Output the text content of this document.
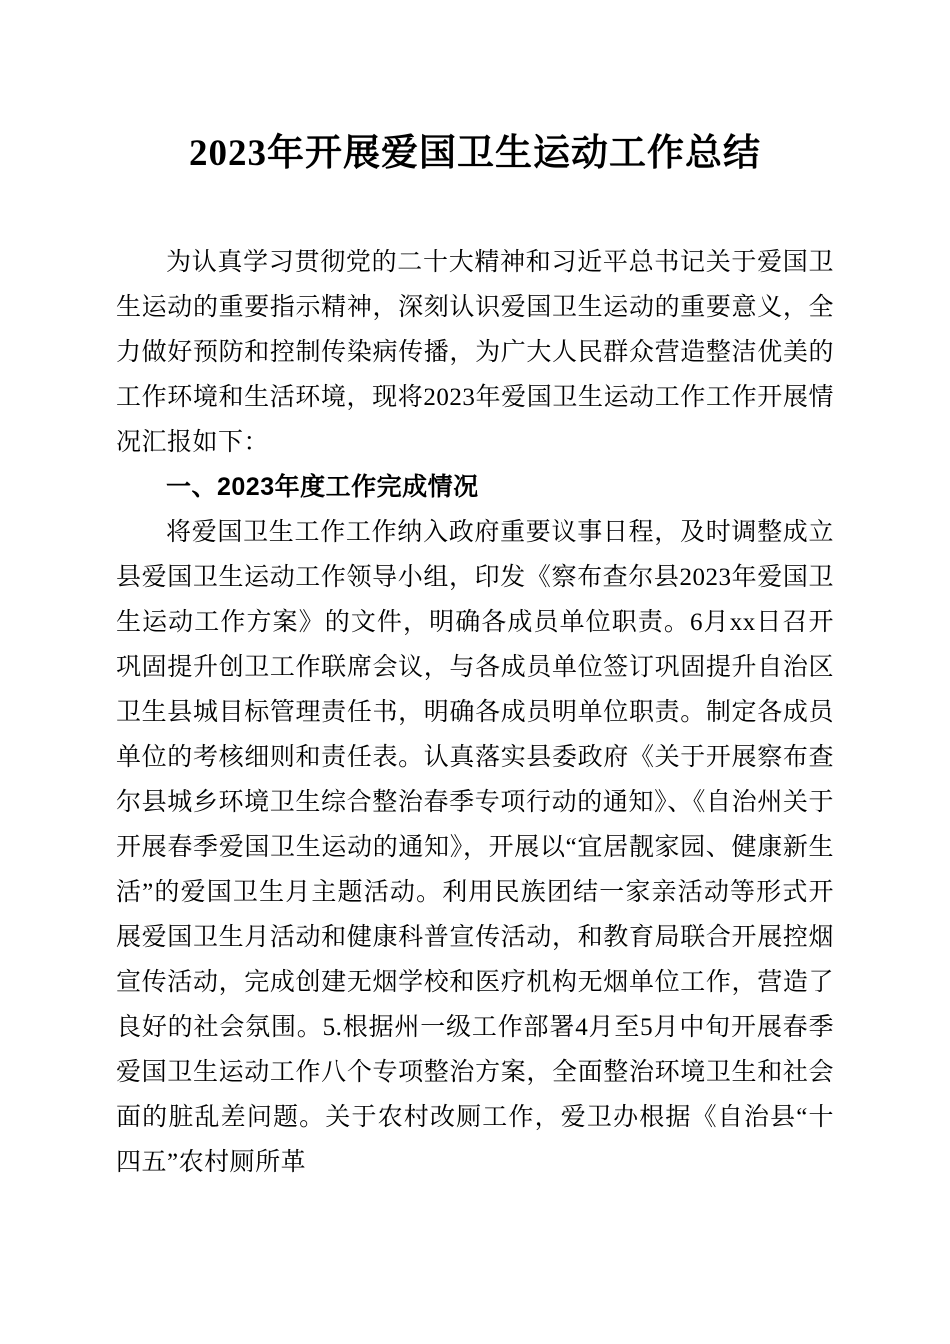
2023年开展爱国卫生运动工作总结

为认真学习贯彻党的二十大精神和习近平总书记关于爱国卫生运动的重要指示精神，深刻认识爱国卫生运动的重要意义，全力做好预防和控制传染病传播，为广大人民群众营造整洁优美的工作环境和生活环境，现将2023年爱国卫生运动工作工作开展情况汇报如下：

一、2023年度工作完成情况

将爱国卫生工作工作纳入政府重要议事日程，及时调整成立县爱国卫生运动工作领导小组，印发《察布查尔县2023年爱国卫生运动工作方案》的文件，明确各成员单位职责。6月xx日召开巩固提升创卫工作联席会议，与各成员单位签订巩固提升自治区卫生县城目标管理责任书，明确各成员明单位职责。制定各成员单位的考核细则和责任表。认真落实县委政府《关于开展察布查尔县城乡环境卫生综合整治春季专项行动的通知》、《自治州关于开展春季爱国卫生运动的通知》，开展以“宜居靓家园、健康新生活”的爱国卫生月主题活动。利用民族团结一家亲活动等形式开展爱国卫生月活动和健康科普宣传活动，和教育局联合开展控烟宣传活动，完成创建无烟学校和医疗机构无烟单位工作，营造了良好的社会氛围。5.根据州一级工作部署4月至5月中旬开展春季爱国卫生运动工作八个专项整治方案，全面整治环境卫生和社会面的脏乱差问题。关于农村改厕工作，爱卫办根据《自治县“十四五”农村厕所革
